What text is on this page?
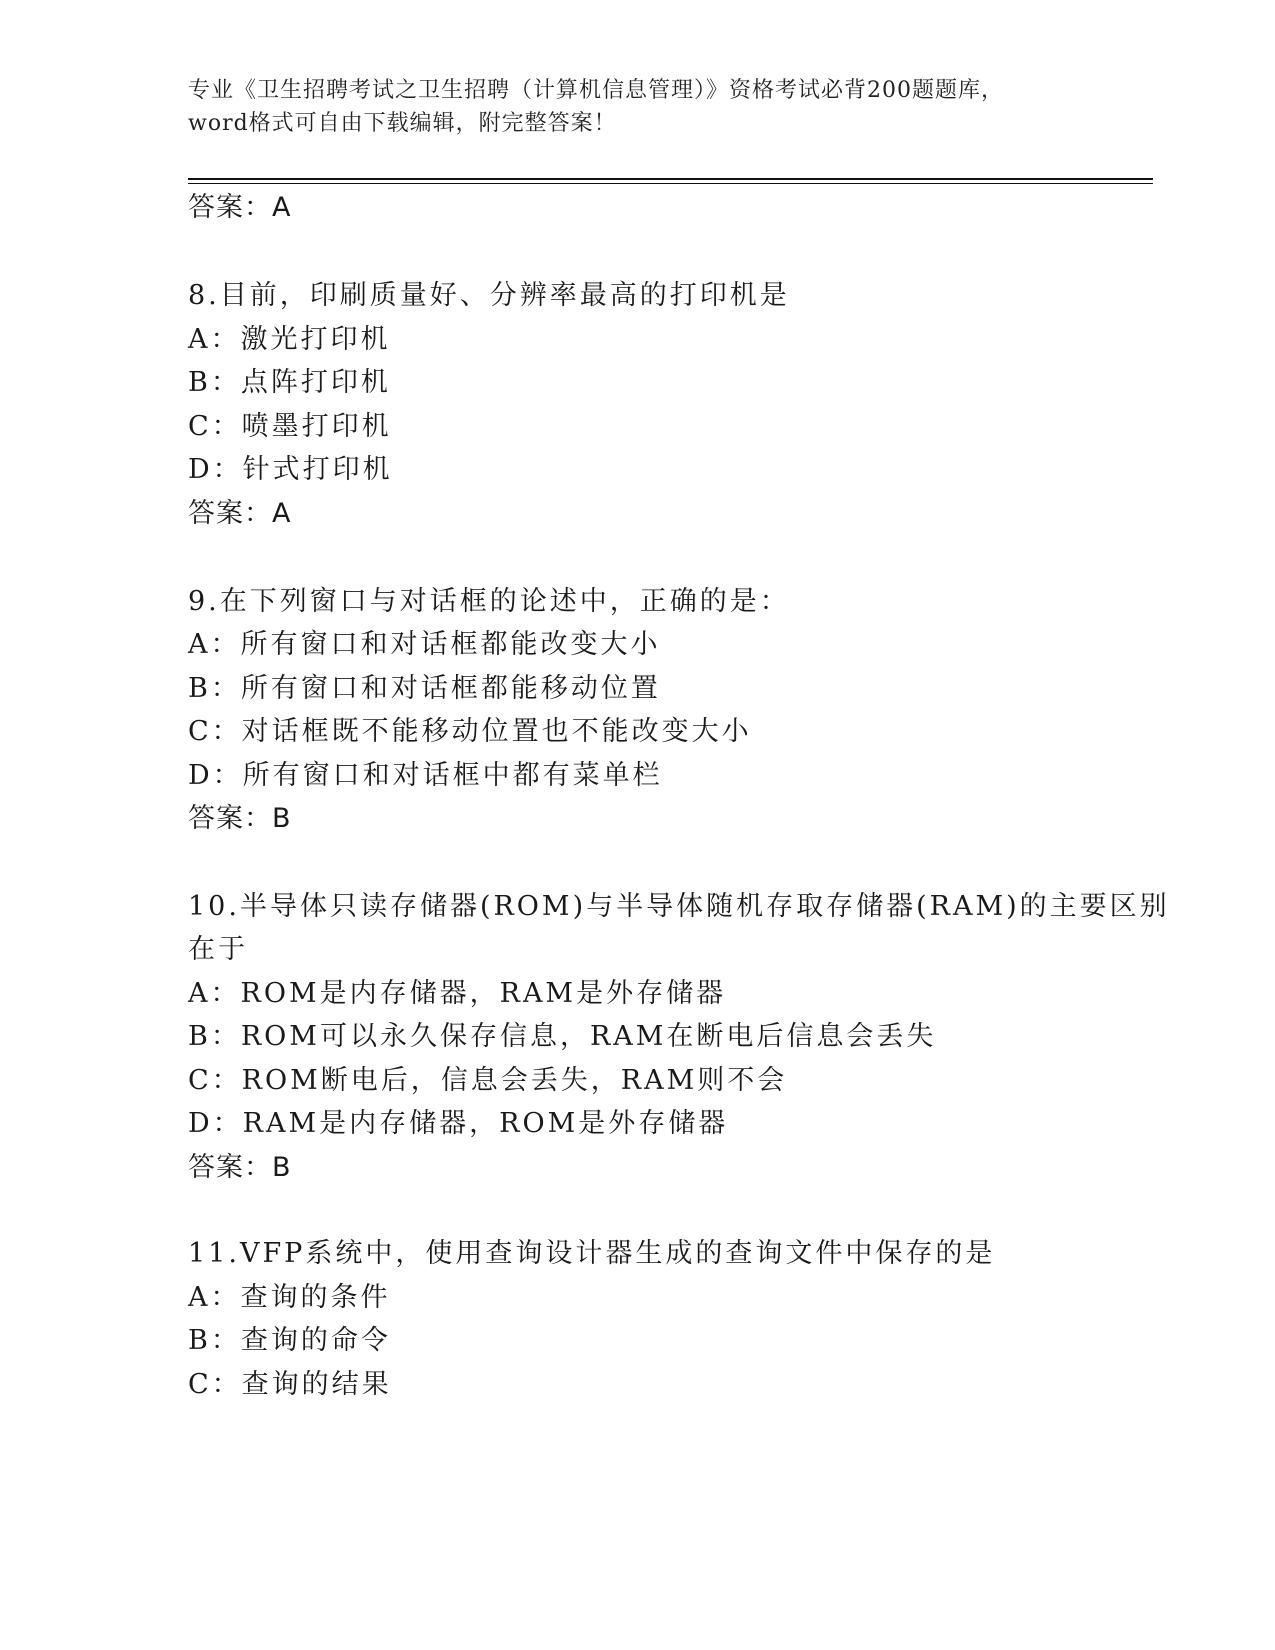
专业《卫生招聘考试之卫生招聘（计算机信息管理）》资格考试必背200题题库，
word格式可自由下载编辑，附完整答案！
答案：A
8.目前，印刷质量好、分辨率最高的打印机是
A：激光打印机
B：点阵打印机
C：喷墨打印机
D：针式打印机
答案：A
9.在下列窗口与对话框的论述中，正确的是：
A：所有窗口和对话框都能改变大小
B：所有窗口和对话框都能移动位置
C：对话框既不能移动位置也不能改变大小
D：所有窗口和对话框中都有菜单栏
答案：B
10.半导体只读存储器(ROM)与半导体随机存取存储器(RAM)的主要区别
在于
A：ROM是内存储器，RAM是外存储器
B：ROM可以永久保存信息，RAM在断电后信息会丢失
C：ROM断电后，信息会丢失，RAM则不会
D：RAM是内存储器，ROM是外存储器
答案：B
11.VFP系统中，使用查询设计器生成的查询文件中保存的是
A：查询的条件
B：查询的命令
C：查询的结果
